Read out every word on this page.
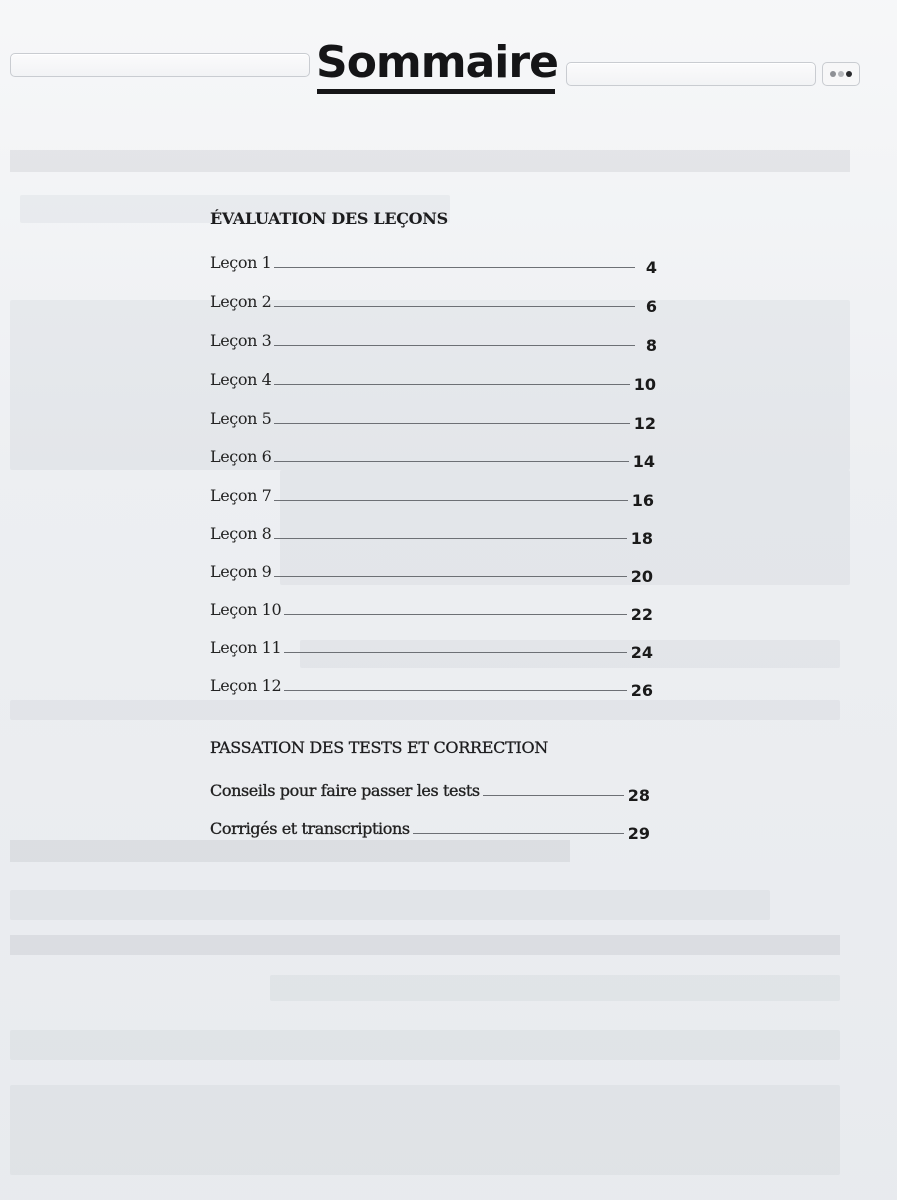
Sommaire
ÉVALUATION DES LEÇONS
Leçon 1	4
Leçon 2	6
Leçon 3	8
Leçon 4	10
Leçon 5	12
Leçon 6	14
Leçon 7	16
Leçon 8	18
Leçon 9	20
Leçon 10	22
Leçon 11	24
Leçon 12	26
PASSATION DES TESTS ET CORRECTION
Conseils pour faire passer les tests	28
Corrigés et transcriptions	29
